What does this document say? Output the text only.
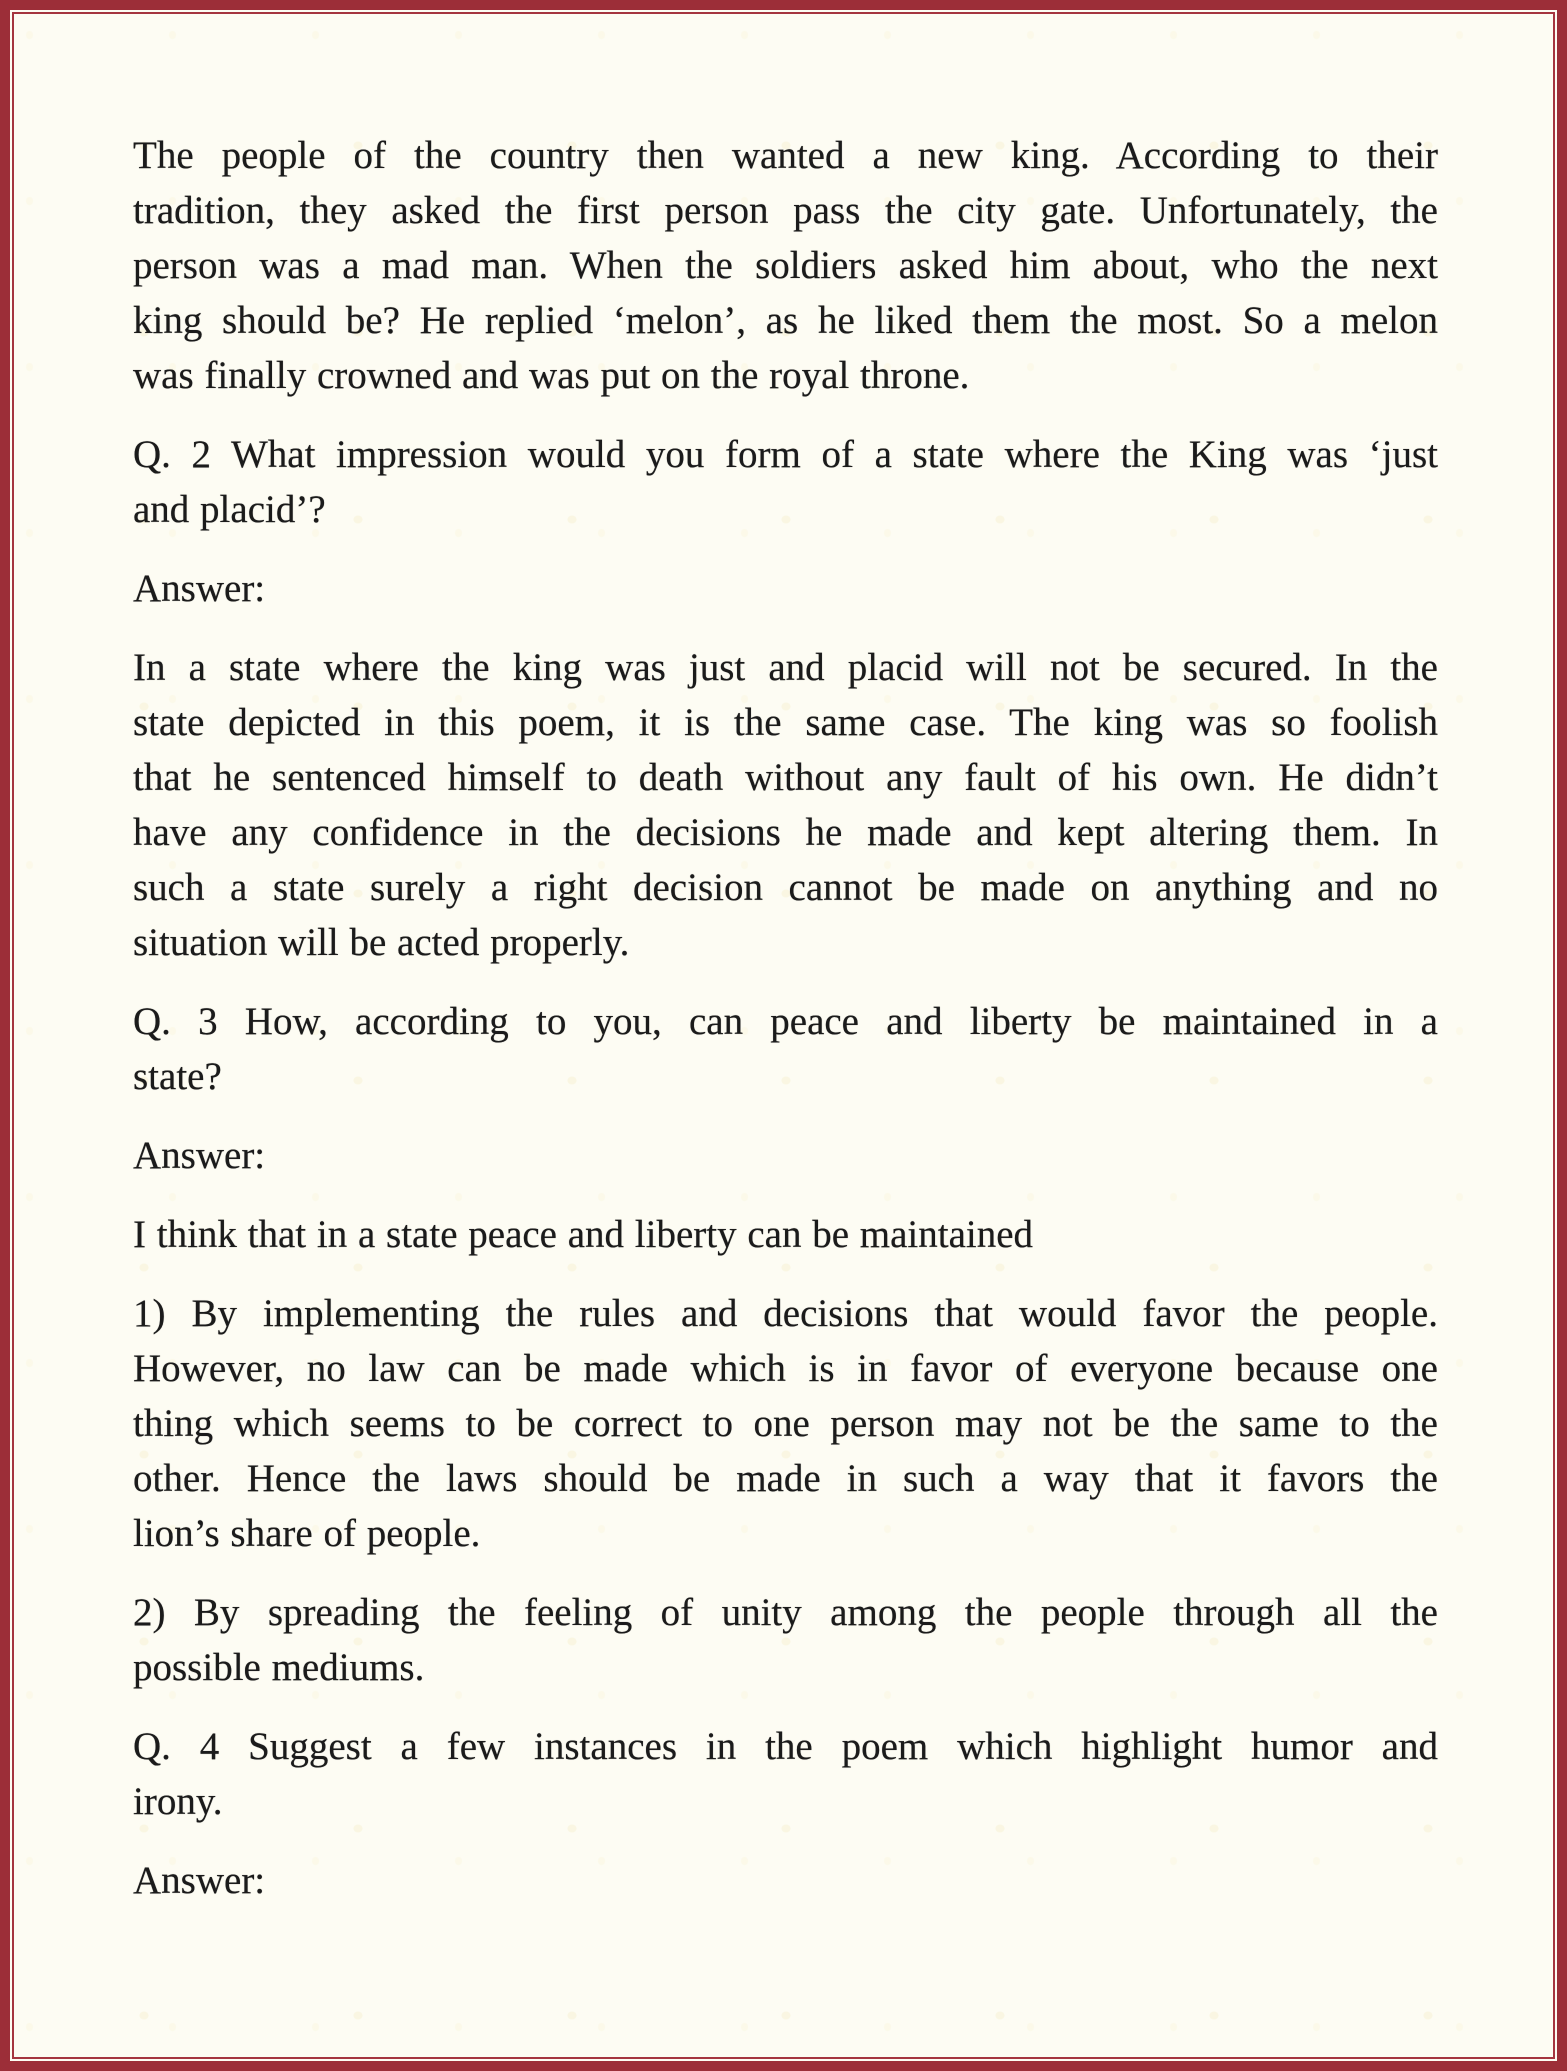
The people of the country then wanted a new king. According to their
tradition, they asked the first person pass the city gate. Unfortunately, the
person was a mad man. When the soldiers asked him about, who the next
king should be? He replied ‘melon’, as he liked them the most. So a melon
was finally crowned and was put on the royal throne.

Q. 2 What impression would you form of a state where the King was ‘just
and placid’?

Answer:

In a state where the king was just and placid will not be secured. In the
state depicted in this poem, it is the same case. The king was so foolish
that he sentenced himself to death without any fault of his own. He didn’t
have any confidence in the decisions he made and kept altering them. In
such a state surely a right decision cannot be made on anything and no
situation will be acted properly.

Q. 3 How, according to you, can peace and liberty be maintained in a
state?

Answer:

I think that in a state peace and liberty can be maintained

1) By implementing the rules and decisions that would favor the people.
However, no law can be made which is in favor of everyone because one
thing which seems to be correct to one person may not be the same to the
other. Hence the laws should be made in such a way that it favors the
lion’s share of people.

2) By spreading the feeling of unity among the people through all the
possible mediums.

Q. 4 Suggest a few instances in the poem which highlight humor and
irony.

Answer:
